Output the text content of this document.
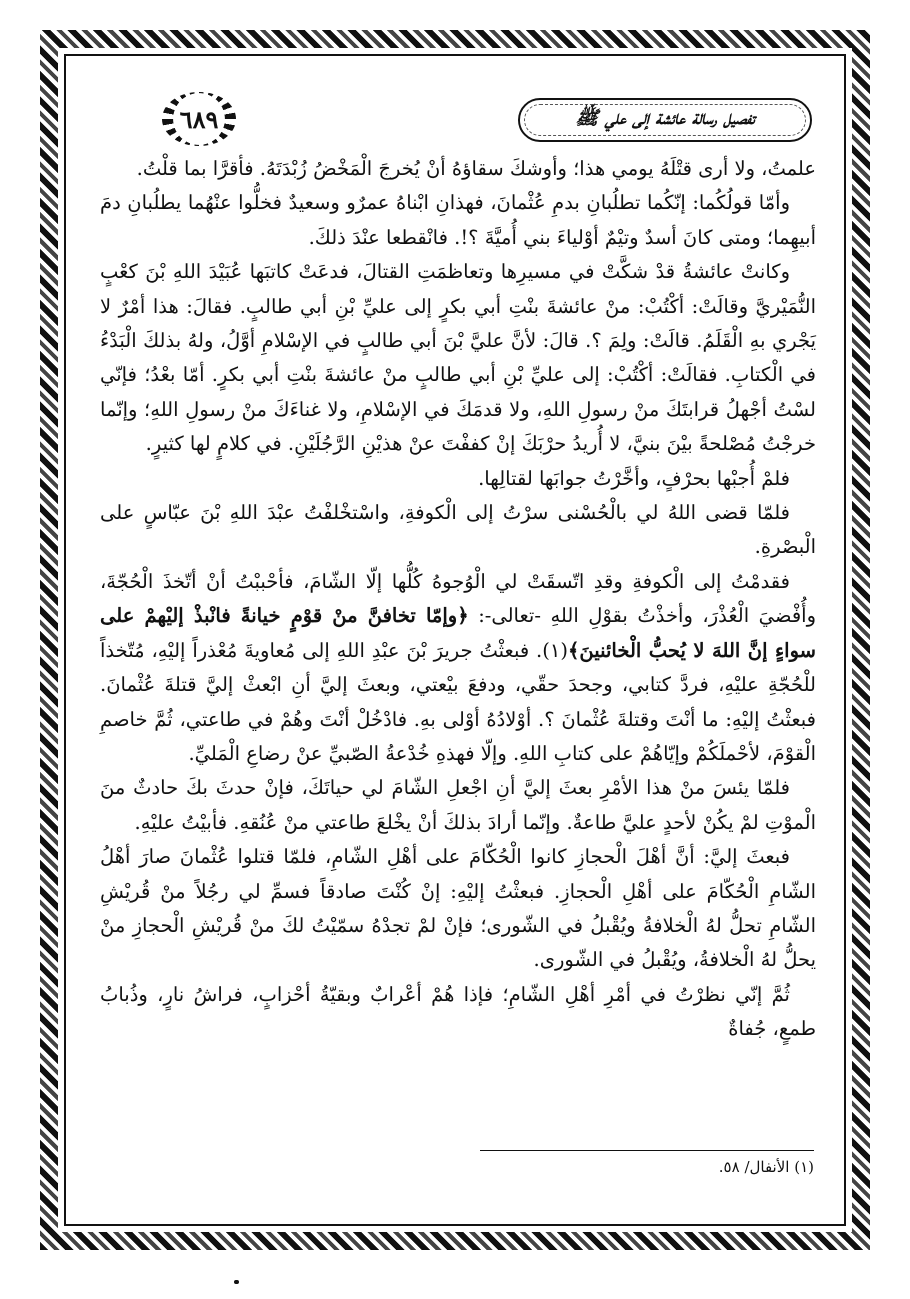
تفصيل رسالة عائشة إلى علي ﷺ
٦٨٩

علمتُ، ولا أرى قتْلَهُ يومي هذا؛ وأوشكَ سقاؤهُ أنْ يُخرجَ الْمَخْضُ زُبْدَتَهُ. فأقرَّا بما قلْتُ.

وأمّا قولُكُما: إنّكُما تطلُبانِ بدمِ عُثْمانَ، فهذانِ ابْناهُ عمرٌو وسعيدٌ فخلُّوا عنْهُما يطلُبانِ دمَ أبيهِما؛ ومتى كانَ أسدٌ وتيْمٌ أوْلياءَ بني أُميَّةَ ؟!. فانْقطعا عنْدَ ذلكَ.

وكانتْ عائشةُ قدْ شكَّتْ في مسيرِها وتعاظمَتِ القتالَ، فدعَتْ كاتبَها عُبَيْدَ اللهِ بْنَ كعْبٍ النُّمَيْريَّ وقالَتْ: أكْتُبْ: منْ عائشةَ بنْتِ أبي بكرٍ إلى عليِّ بْنِ أبي طالبٍ. فقالَ: هذا أمْرٌ لا يَجْري بهِ الْقَلَمُ. قالَتْ: ولِمَ ؟. قالَ: لأنَّ عليَّ بْنَ أبي طالبٍ في الإسْلامِ أوَّلُ، ولهُ بذلكَ الْبَدْءُ في الْكتابِ. فقالَتْ: أكْتُبْ: إلى عليِّ بْنِ أبي طالبٍ منْ عائشةَ بنْتِ أبي بكرٍ. أمّا بعْدُ؛ فإنّي لسْتُ أجْهلُ قرابتَكَ منْ رسولِ اللهِ، ولا قدمَكَ في الإسْلامِ، ولا غناءَكَ منْ رسولِ اللهِ؛ وإنّما خرجْتُ مُصْلحةً بيْنَ بنيَّ، لا أُريدُ حرْبَكَ إنْ كففْتَ عنْ هذيْنِ الرَّجُلَيْنِ. في كلامٍ لها كثيرٍ.

فلمْ أُجبْها بحرْفٍ، وأخَّرْتُ جوابَها لقتالِها.

فلمّا قضى اللهُ لي بالْحُسْنى سرْتُ إلى الْكوفةِ، واسْتخْلفْتُ عبْدَ اللهِ بْنَ عبّاسٍ على الْبصْرةِ.

فقدمْتُ إلى الْكوفةِ وقدِ اتّسقَتْ لي الْوُجوهُ كُلُّها إلّا الشّامَ، فأحْببْتُ أنْ أتّخذَ الْحُجّةَ، وأُفْضيَ الْعُذْرَ، وأخذْتُ بقوْلِ اللهِ -تعالى-: ﴿وإمّا تخافنَّ منْ قوْمٍ خيانةً فانْبذْ إليْهمْ على سواءٍ إنَّ اللهَ لا يُحبُّ الْخائنينَ﴾(١). فبعثْتُ جريرَ بْنَ عبْدِ اللهِ إلى مُعاويةَ مُعْذراً إليْهِ، مُتّخذاً للْحُجّةِ عليْهِ، فردَّ كتابي، وجحدَ حقّي، ودفعَ بيْعتي، وبعثَ إليَّ أنِ ابْعثْ إليَّ قتلةَ عُثْمانَ. فبعثْتُ إليْهِ: ما أنْتَ وقتلةَ عُثْمانَ ؟. أوْلادُهُ أوْلى بهِ. فادْخُلْ أنْتَ وهُمْ في طاعتي، ثُمَّ خاصمِ الْقوْمَ، لأحْملَكُمْ وإيّاهُمْ على كتابِ اللهِ. وإلّا فهذهِ خُدْعةُ الصّبيِّ عنْ رضاعِ الْمَليِّ.

فلمّا يئسَ منْ هذا الأمْرِ بعثَ إليَّ أنِ اجْعلِ الشّامَ لي حياتَكَ، فإنْ حدثَ بكَ حادثٌ منَ الْموْتِ لمْ يكُنْ لأحدٍ عليَّ طاعةٌ. وإنّما أرادَ بذلكَ أنْ يخْلعَ طاعتي منْ عُنُقهِ. فأبيْتُ عليْهِ.

فبعثَ إليَّ: أنَّ أهْلَ الْحجازِ كانوا الْحُكّامَ على أهْلِ الشّامِ، فلمّا قتلوا عُثْمانَ صارَ أهْلُ الشّامِ الْحُكّامَ على أهْلِ الْحجازِ. فبعثْتُ إليْهِ: إنْ كُنْتَ صادقاً فسمِّ لي رجُلاً منْ قُريْشِ الشّامِ تحلُّ لهُ الْخلافةُ ويُقْبلُ في الشّورى؛ فإنْ لمْ تجدْهُ سمّيْتُ لكَ منْ قُريْشِ الْحجازِ منْ يحلُّ لهُ الْخلافةُ، ويُقْبلُ في الشّورى.

ثُمَّ إنّي نظرْتُ في أمْرِ أهْلِ الشّامِ؛ فإذا هُمْ أعْرابٌ وبقيّةُ أحْزابٍ، فراشُ نارٍ، وذُبابُ طمعٍ، جُفاةٌ

(١) الأنفال/ ٥٨.
